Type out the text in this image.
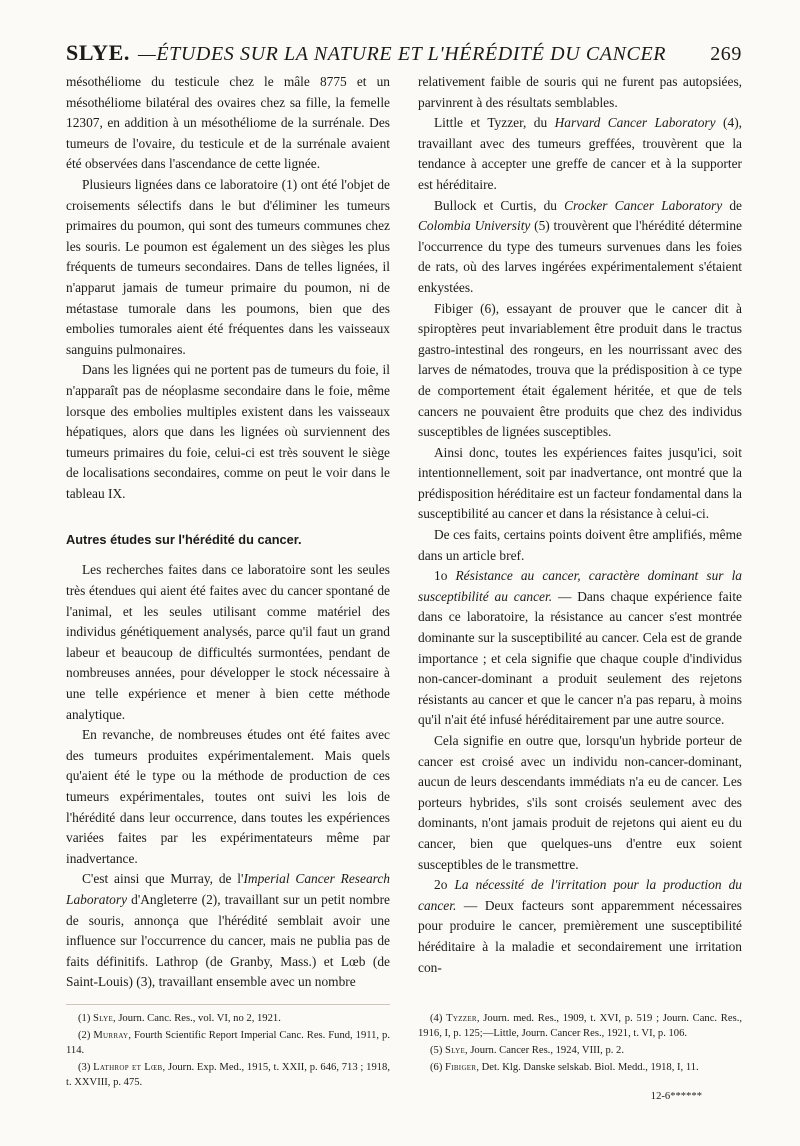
SLYE. —ÉTUDES SUR LA NATURE ET L'HÉRÉDITÉ DU CANCER	269

mésothéliome du testicule chez le mâle 8775 et un mésothéliome bilatéral des ovaires chez sa fille, la femelle 12307, en addition à un mésothéliome de la surrénale. Des tumeurs de l'ovaire, du testicule et de la surrénale avaient été observées dans l'ascendance de cette lignée.

Plusieurs lignées dans ce laboratoire (1) ont été l'objet de croisements sélectifs dans le but d'éliminer les tumeurs primaires du poumon, qui sont des tumeurs communes chez les souris. Le poumon est également un des sièges les plus fréquents de tumeurs secondaires. Dans de telles lignées, il n'apparut jamais de tumeur primaire du poumon, ni de métastase tumorale dans les poumons, bien que des embolies tumorales aient été fréquentes dans les vaisseaux sanguins pulmonaires.

Dans les lignées qui ne portent pas de tumeurs du foie, il n'apparaît pas de néoplasme secondaire dans le foie, même lorsque des embolies multiples existent dans les vaisseaux hépatiques, alors que dans les lignées où surviennent des tumeurs primaires du foie, celui-ci est très souvent le siège de localisations secondaires, comme on peut le voir dans le tableau IX.

Autres études sur l'hérédité du cancer.

Les recherches faites dans ce laboratoire sont les seules très étendues qui aient été faites avec du cancer spontané de l'animal, et les seules utilisant comme matériel des individus génétiquement analysés, parce qu'il faut un grand labeur et beaucoup de difficultés surmontées, pendant de nombreuses années, pour développer le stock nécessaire à une telle expérience et mener à bien cette méthode analytique.

En revanche, de nombreuses études ont été faites avec des tumeurs produites expérimentalement. Mais quels qu'aient été le type ou la méthode de production de ces tumeurs expérimentales, toutes ont suivi les lois de l'hérédité dans leur occurrence, dans toutes les expériences variées faites par les expérimentateurs même par inadvertance.

C'est ainsi que Murray, de l'Imperial Cancer Research Laboratory d'Angleterre (2), travaillant sur un petit nombre de souris, annonça que l'hérédité semblait avoir une influence sur l'occurrence du cancer, mais ne publia pas de faits définitifs. Lathrop (de Granby, Mass.) et Lœb (de Saint-Louis) (3), travaillant ensemble avec un nombre

relativement faible de souris qui ne furent pas autopsiées, parvinrent à des résultats semblables.

Little et Tyzzer, du Harvard Cancer Laboratory (4), travaillant avec des tumeurs greffées, trouvèrent que la tendance à accepter une greffe de cancer et à la supporter est héréditaire.

Bullock et Curtis, du Crocker Cancer Laboratory de Colombia University (5) trouvèrent que l'hérédité détermine l'occurrence du type des tumeurs survenues dans les foies de rats, où des larves ingérées expérimentalement s'étaient enkystées.

Fibiger (6), essayant de prouver que le cancer dit à spiroptères peut invariablement être produit dans le tractus gastro-intestinal des rongeurs, en les nourrissant avec des larves de nématodes, trouva que la prédisposition à ce type de comportement était également héritée, et que de tels cancers ne pouvaient être produits que chez des individus susceptibles de lignées susceptibles.

Ainsi donc, toutes les expériences faites jusqu'ici, soit intentionnellement, soit par inadvertance, ont montré que la prédisposition héréditaire est un facteur fondamental dans la susceptibilité au cancer et dans la résistance à celui-ci.

De ces faits, certains points doivent être amplifiés, même dans un article bref.

1o Résistance au cancer, caractère dominant sur la susceptibilité au cancer. — Dans chaque expérience faite dans ce laboratoire, la résistance au cancer s'est montrée dominante sur la susceptibilité au cancer. Cela est de grande importance ; et cela signifie que chaque couple d'individus non-cancer-dominant a produit seulement des rejetons résistants au cancer et que le cancer n'a pas reparu, à moins qu'il n'ait été infusé héréditairement par une autre source.

Cela signifie en outre que, lorsqu'un hybride porteur de cancer est croisé avec un individu non-cancer-dominant, aucun de leurs descendants immédiats n'a eu de cancer. Les porteurs hybrides, s'ils sont croisés seulement avec des dominants, n'ont jamais produit de rejetons qui aient eu du cancer, bien que quelques-uns d'entre eux soient susceptibles de le transmettre.

2o La nécessité de l'irritation pour la production du cancer. — Deux facteurs sont apparemment nécessaires pour produire le cancer, premièrement une susceptibilité héréditaire à la maladie et secondairement une irritation con-

(1) Slye, Journ. Canc. Res., vol. VI, no 2, 1921.

(2) Murray, Fourth Scientific Report Imperial Canc. Res. Fund, 1911, p. 114.

(3) Lathrop et Lœb, Journ. Exp. Med., 1915, t. XXII, p. 646, 713 ; 1918, t. XXVIII, p. 475.

(4) Tyzzer, Journ. med. Res., 1909, t. XVI, p. 519 ; Journ. Canc. Res., 1916, I, p. 125;—Little, Journ. Cancer Res., 1921, t. VI, p. 106.

(5) Slye, Journ. Cancer Res., 1924, VIII, p. 2.

(6) Fibiger, Det. Klg. Danske selskab. Biol. Medd., 1918, I, 11.

12-6******
